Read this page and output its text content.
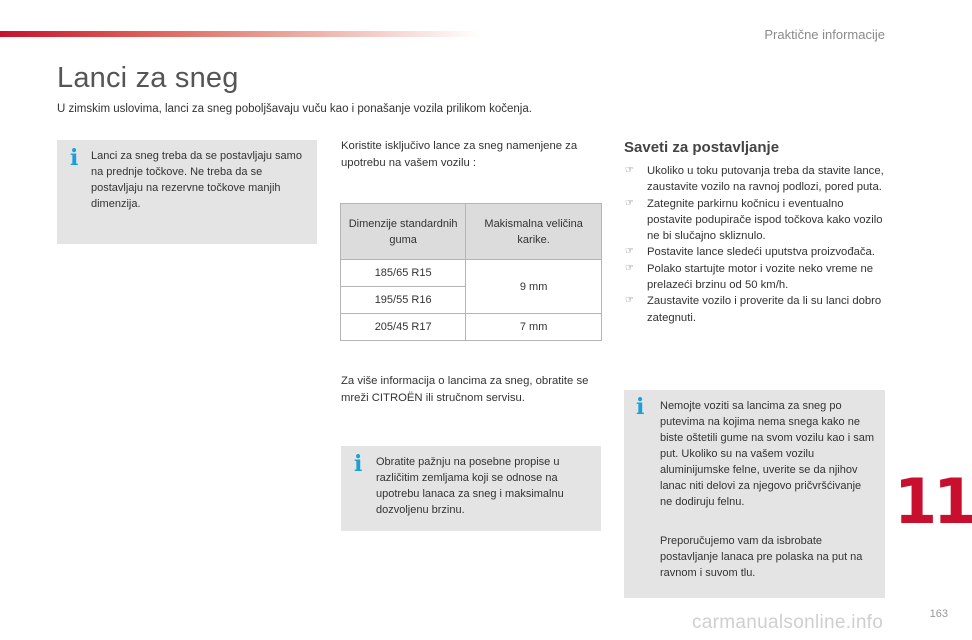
Praktične informacije
Lanci za sneg

U zimskim uslovima, lanci za sneg poboljšavaju vuču kao i ponašanje vozila prilikom kočenja.

i Lanci za sneg treba da se postavljaju samo na prednje točkove. Ne treba da se postavljaju na rezervne točkove manjih dimenzija.

Koristite isključivo lance za sneg namenjene za upotrebu na vašem vozilu :

Dimenzije standardnih guma	Makismalna veličina karike.
185/65 R15	9 mm
195/55 R16	
205/45 R17	7 mm

Za više informacija o lancima za sneg, obratite se mreži CITROËN ili stručnom servisu.

i Obratite pažnju na posebne propise u različitim zemljama koji se odnose na upotrebu lanaca za sneg i maksimalnu dozvoljenu brzinu.

Saveti za postavljanje
☞ Ukoliko u toku putovanja treba da stavite lance, zaustavite vozilo na ravnoj podlozi, pored puta.
☞ Zategnite parkirnu kočnicu i eventualno postavite podupirače ispod točkova kako vozilo ne bi slučajno skliznulo.
☞ Postavite lance sledeći uputstva proizvođača.
☞ Polako startujte motor i vozite neko vreme ne prelazeći brzinu od 50 km/h.
☞ Zaustavite vozilo i proverite da li su lanci dobro zategnuti.
i Nemojte voziti sa lancima za sneg po putevima na kojima nema snega kako ne biste oštetili gume na svom vozilu kao i sam put. Ukoliko su na vašem vozilu aluminijumske felne, uverite se da njihov lanac niti delovi za njegovo pričvršćivanje ne dodiruju felnu.

Preporučujemo vam da isbrobate postavljanje lanaca pre polaska na put na ravnom i suvom tlu.

11
163
carmanualsonline.info
